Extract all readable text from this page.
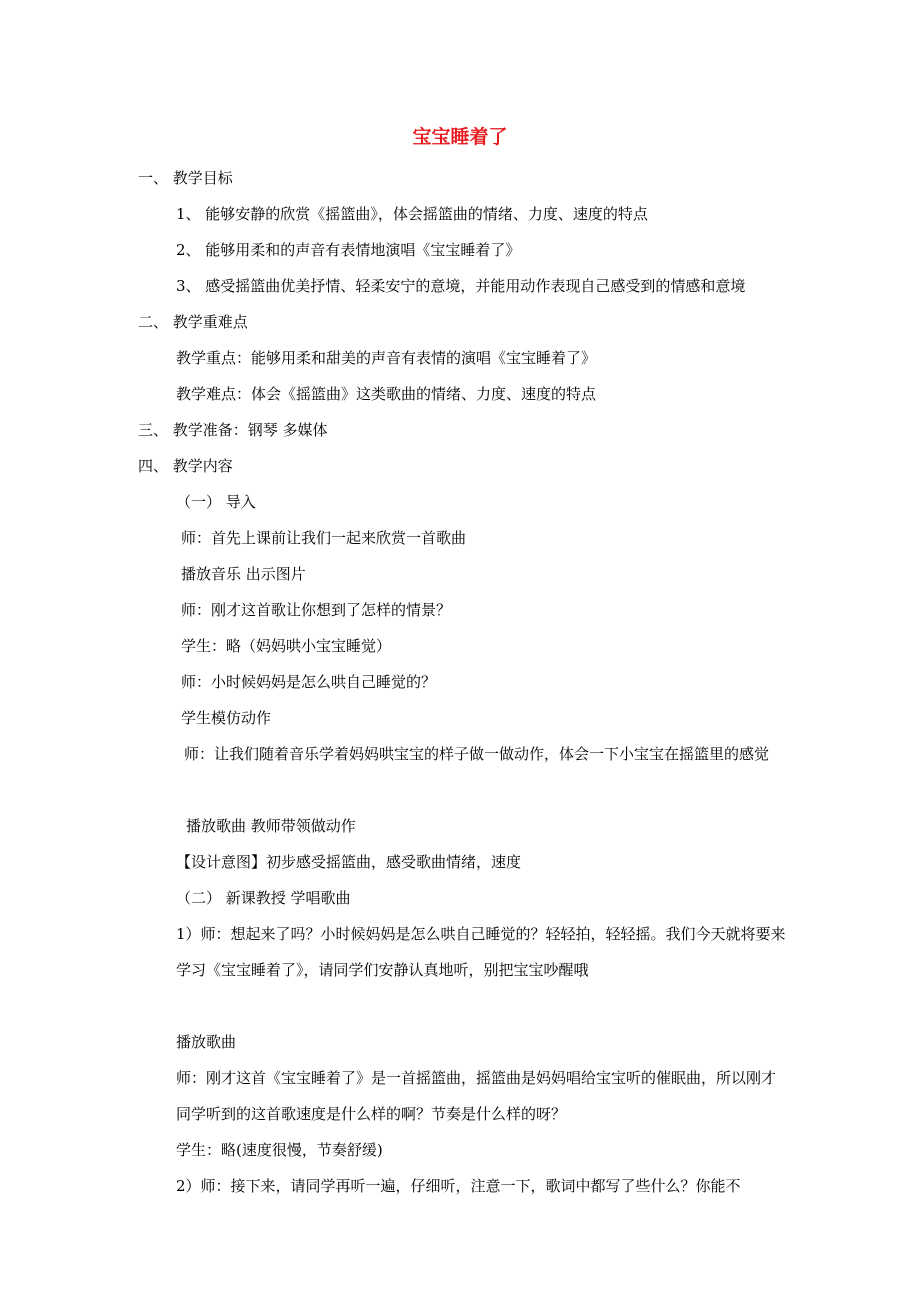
宝宝睡着了
一、 教学目标
1、 能够安静的欣赏《摇篮曲》，体会摇篮曲的情绪、力度、速度的特点
2、 能够用柔和的声音有表情地演唱《宝宝睡着了》
3、 感受摇篮曲优美抒情、轻柔安宁的意境，并能用动作表现自己感受到的情感和意境
二、 教学重难点
教学重点：能够用柔和甜美的声音有表情的演唱《宝宝睡着了》
教学难点：体会《摇篮曲》这类歌曲的情绪、力度、速度的特点
三、 教学准备：钢琴 多媒体
四、 教学内容
（一） 导入
师：首先上课前让我们一起来欣赏一首歌曲
播放音乐 出示图片
师：刚才这首歌让你想到了怎样的情景？
学生：略（妈妈哄小宝宝睡觉）
师：小时候妈妈是怎么哄自己睡觉的？
学生模仿动作
师：让我们随着音乐学着妈妈哄宝宝的样子做一做动作，体会一下小宝宝在摇篮里的感觉
播放歌曲 教师带领做动作
【设计意图】初步感受摇篮曲，感受歌曲情绪，速度
（二） 新课教授 学唱歌曲
1）师：想起来了吗？小时候妈妈是怎么哄自己睡觉的？轻轻拍，轻轻摇。我们今天就将要来学习《宝宝睡着了》，请同学们安静认真地听，别把宝宝吵醒哦
播放歌曲
师：刚才这首《宝宝睡着了》是一首摇篮曲，摇篮曲是妈妈唱给宝宝听的催眠曲，所以刚才同学听到的这首歌速度是什么样的啊？节奏是什么样的呀？
学生：略(速度很慢，节奏舒缓)
2）师：接下来，请同学再听一遍，仔细听，注意一下，歌词中都写了些什么？你能不
